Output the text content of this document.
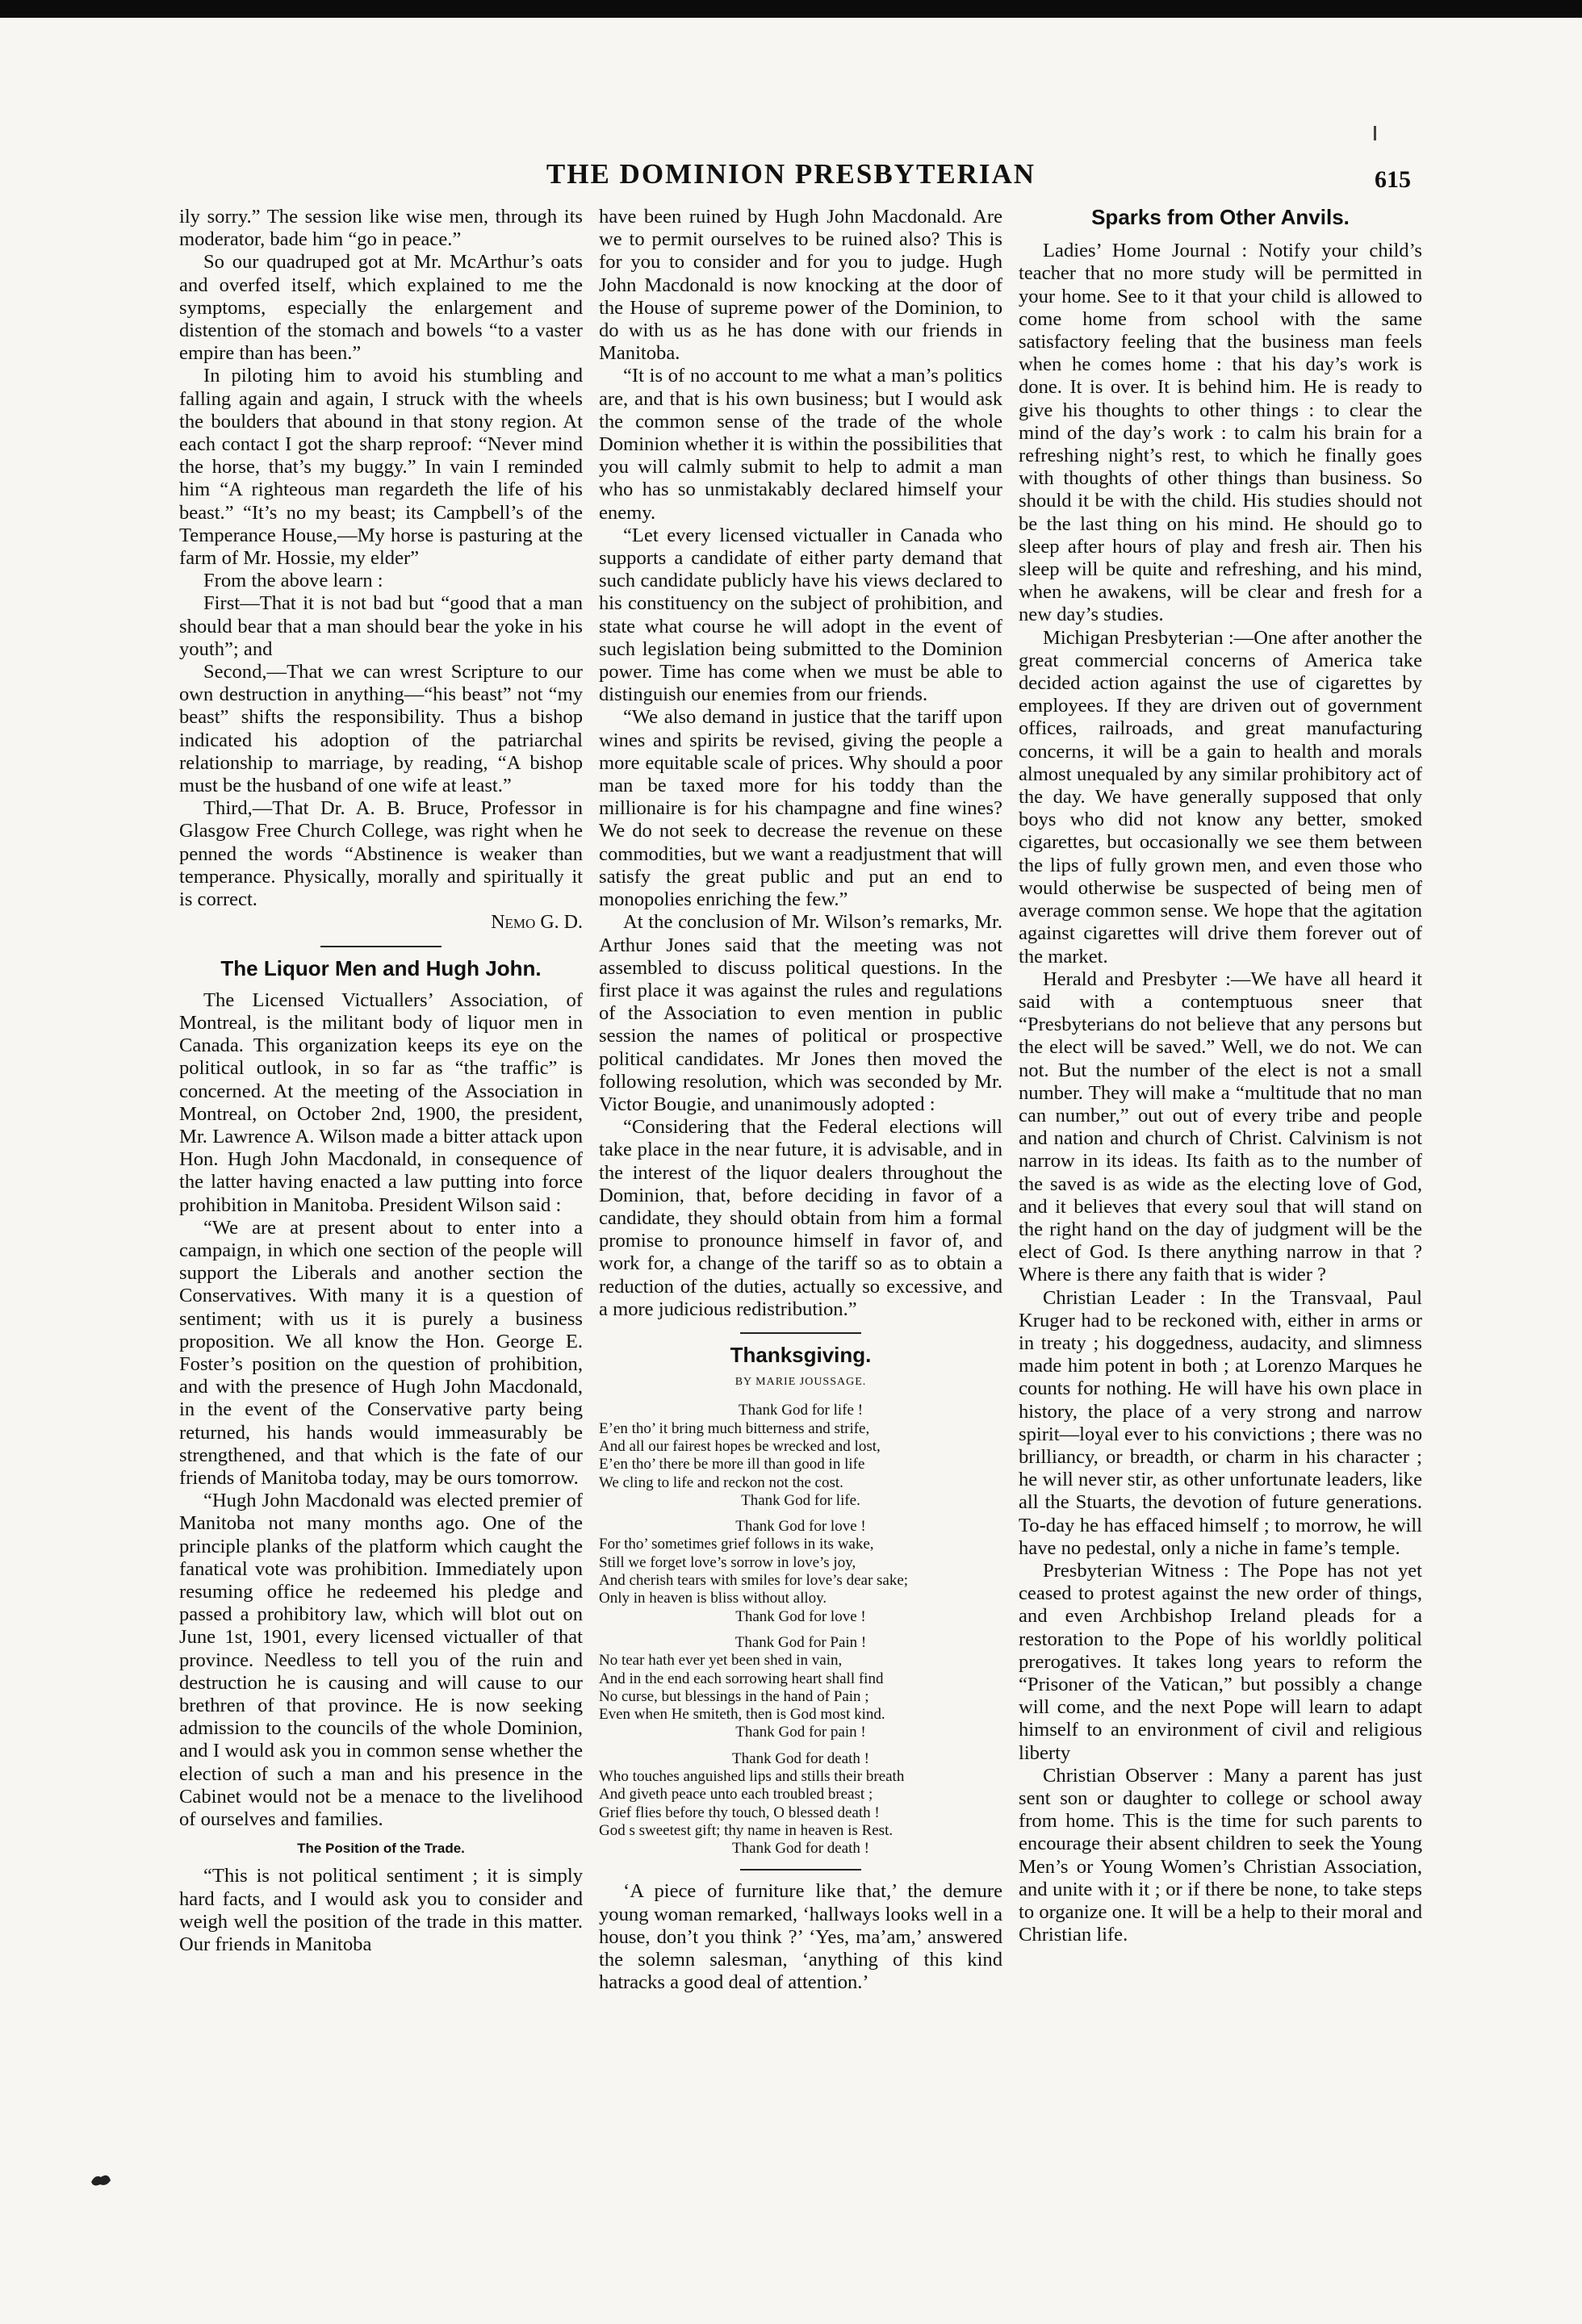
THE DOMINION PRESBYTERIAN	615

ily sorry.” The session like wise men, through its moderator, bade him “go in peace.”

So our quadruped got at Mr. McArthur’s oats and overfed itself, which explained to me the symptoms, especially the enlargement and distention of the stomach and bowels “to a vaster empire than has been.”

In piloting him to avoid his stumbling and falling again and again, I struck with the wheels the boulders that abound in that stony region. At each contact I got the sharp reproof: “Never mind the horse, that’s my buggy.” In vain I reminded him “A righteous man regardeth the life of his beast.” “It’s no my beast; its Campbell’s of the Temperance House,—My horse is pasturing at the farm of Mr. Hossie, my elder”

From the above learn :

First—That it is not bad but “good that a man should bear that a man should bear the yoke in his youth”; and

Second,—That we can wrest Scripture to our own destruction in anything—“his beast” not “my beast” shifts the responsibility. Thus a bishop indicated his adoption of the patriarchal relationship to marriage, by reading, “A bishop must be the husband of one wife at least.”

Third,—That Dr. A. B. Bruce, Professor in Glasgow Free Church College, was right when he penned the words “Abstinence is weaker than temperance. Physically, morally and spiritually it is correct.

Nemo G. D.
The Liquor Men and Hugh John.

The Licensed Victuallers’ Association, of Montreal, is the militant body of liquor men in Canada. This organization keeps its eye on the political outlook, in so far as “the traffic” is concerned. At the meeting of the Association in Montreal, on October 2nd, 1900, the president, Mr. Lawrence A. Wilson made a bitter attack upon Hon. Hugh John Macdonald, in consequence of the latter having enacted a law putting into force prohibition in Manitoba. President Wilson said :

“We are at present about to enter into a campaign, in which one section of the people will support the Liberals and another section the Conservatives. With many it is a question of sentiment; with us it is purely a business proposition. We all know the Hon. George E. Foster’s position on the question of prohibition, and with the presence of Hugh John Macdonald, in the event of the Conservative party being returned, his hands would immeasurably be strengthened, and that which is the fate of our friends of Manitoba today, may be ours tomorrow.

“Hugh John Macdonald was elected premier of Manitoba not many months ago. One of the principle planks of the platform which caught the fanatical vote was prohibition. Immediately upon resuming office he redeemed his pledge and passed a prohibitory law, which will blot out on June 1st, 1901, every licensed victualler of that province. Needless to tell you of the ruin and destruction he is causing and will cause to our brethren of that province. He is now seeking admission to the councils of the whole Dominion, and I would ask you in common sense whether the election of such a man and his presence in the Cabinet would not be a menace to the livelihood of ourselves and families.

The Position of the Trade.

“This is not political sentiment ; it is simply hard facts, and I would ask you to consider and weigh well the position of the trade in this matter. Our friends in Manitoba

have been ruined by Hugh John Macdonald. Are we to permit ourselves to be ruined also? This is for you to consider and for you to judge. Hugh John Macdonald is now knocking at the door of the House of supreme power of the Dominion, to do with us as he has done with our friends in Manitoba.

“It is of no account to me what a man’s politics are, and that is his own business; but I would ask the common sense of the trade of the whole Dominion whether it is within the possibilities that you will calmly submit to help to admit a man who has so unmistakably declared himself your enemy.

“Let every licensed victualler in Canada who supports a candidate of either party demand that such candidate publicly have his views declared to his constituency on the subject of prohibition, and state what course he will adopt in the event of such legislation being submitted to the Dominion power. Time has come when we must be able to distinguish our enemies from our friends.

“We also demand in justice that the tariff upon wines and spirits be revised, giving the people a more equitable scale of prices. Why should a poor man be taxed more for his toddy than the millionaire is for his champagne and fine wines? We do not seek to decrease the revenue on these commodities, but we want a readjustment that will satisfy the great public and put an end to monopolies enriching the few.”

At the conclusion of Mr. Wilson’s remarks, Mr. Arthur Jones said that the meeting was not assembled to discuss political questions. In the first place it was against the rules and regulations of the Association to even mention in public session the names of political or prospective political candidates. Mr Jones then moved the following resolution, which was seconded by Mr. Victor Bougie, and unanimously adopted :

“Considering that the Federal elections will take place in the near future, it is advisable, and in the interest of the liquor dealers throughout the Dominion, that, before deciding in favor of a candidate, they should obtain from him a formal promise to pronounce himself in favor of, and work for, a change of the tariff so as to obtain a reduction of the duties, actually so excessive, and a more judicious redistribution.”

Thanksgiving.
BY MARIE JOUSSAGE.
Thank God for life !
E’en tho’ it bring much bitterness and strife,
And all our fairest hopes be wrecked and lost,
E’en tho’ there be more ill than good in life
We cling to life and reckon not the cost.
Thank God for life.
Thank God for love !
For tho’ sometimes grief follows in its wake,
Still we forget love’s sorrow in love’s joy,
And cherish tears with smiles for love’s dear sake;
Only in heaven is bliss without alloy.
Thank God for love !
Thank God for Pain !
No tear hath ever yet been shed in vain,
And in the end each sorrowing heart shall find
No curse, but blessings in the hand of Pain ;
Even when He smiteth, then is God most kind.
Thank God for pain !
Thank God for death !
Who touches anguished lips and stills their breath
And giveth peace unto each troubled breast ;
Grief flies before thy touch, O blessed death !
God s sweetest gift; thy name in heaven is Rest.
Thank God for death !

‘A piece of furniture like that,’ the demure young woman remarked, ‘hallways looks well in a house, don’t you think ?’ ‘Yes, ma’am,’ answered the solemn salesman, ‘anything of this kind hatracks a good deal of attention.’

Sparks from Other Anvils.

Ladies’ Home Journal : Notify your child’s teacher that no more study will be permitted in your home. See to it that your child is allowed to come home from school with the same satisfactory feeling that the business man feels when he comes home : that his day’s work is done. It is over. It is behind him. He is ready to give his thoughts to other things : to clear the mind of the day’s work : to calm his brain for a refreshing night’s rest, to which he finally goes with thoughts of other things than business. So should it be with the child. His studies should not be the last thing on his mind. He should go to sleep after hours of play and fresh air. Then his sleep will be quite and refreshing, and his mind, when he awakens, will be clear and fresh for a new day’s studies.

Michigan Presbyterian :—One after another the great commercial concerns of America take decided action against the use of cigarettes by employees. If they are driven out of government offices, railroads, and great manufacturing concerns, it will be a gain to health and morals almost unequaled by any similar prohibitory act of the day. We have generally supposed that only boys who did not know any better, smoked cigarettes, but occasionally we see them between the lips of fully grown men, and even those who would otherwise be suspected of being men of average common sense. We hope that the agitation against cigarettes will drive them forever out of the market.

Herald and Presbyter :—We have all heard it said with a contemptuous sneer that “Presbyterians do not believe that any persons but the elect will be saved.” Well, we do not. We can not. But the number of the elect is not a small number. They will make a “multitude that no man can number,” out out of every tribe and people and nation and church of Christ. Calvinism is not narrow in its ideas. Its faith as to the number of the saved is as wide as the electing love of God, and it believes that every soul that will stand on the right hand on the day of judgment will be the elect of God. Is there anything narrow in that ? Where is there any faith that is wider ?

Christian Leader : In the Transvaal, Paul Kruger had to be reckoned with, either in arms or in treaty ; his doggedness, audacity, and slimness made him potent in both ; at Lorenzo Marques he counts for nothing. He will have his own place in history, the place of a very strong and narrow spirit—loyal ever to his convictions ; there was no brilliancy, or breadth, or charm in his character ; he will never stir, as other unfortunate leaders, like all the Stuarts, the devotion of future generations. To-day he has effaced himself ; to morrow, he will have no pedestal, only a niche in fame’s temple.

Presbyterian Witness : The Pope has not yet ceased to protest against the new order of things, and even Archbishop Ireland pleads for a restoration to the Pope of his worldly political prerogatives. It takes long years to reform the “Prisoner of the Vatican,” but possibly a change will come, and the next Pope will learn to adapt himself to an environment of civil and religious liberty

Christian Observer : Many a parent has just sent son or daughter to college or school away from home. This is the time for such parents to encourage their absent children to seek the Young Men’s or Young Women’s Christian Association, and unite with it ; or if there be none, to take steps to organize one. It will be a help to their moral and Christian life.
